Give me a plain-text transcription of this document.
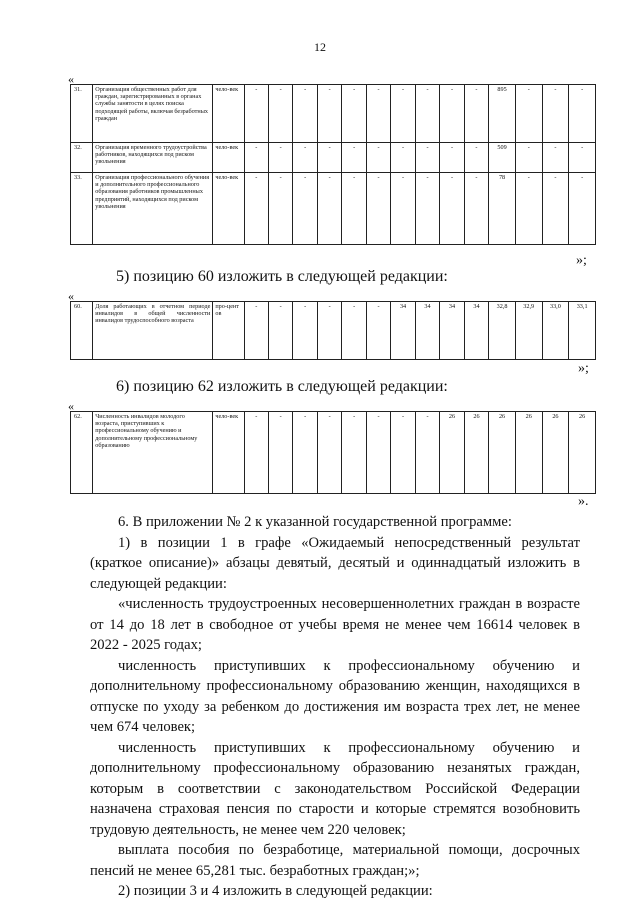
12
«
31.	Организация общественных работ для граждан, зарегистрированных в органах службы занятости в целях поиска подходящей работы, включая безработных граждан	чело-век	-	-	-	-	-	-	-	-	-	-	895	-	-	-
32.	Организация временного трудоустройства работников, находящихся под риском увольнения	чело-век	-	-	-	-	-	-	-	-	-	-	509	-	-	-
33.	Организация профессионального обучения и дополнительного профессионального образования работников промышленных предприятий, находящихся под риском увольнения	чело-век	-	-	-	-	-	-	-	-	-	-	78	-	-	-
»;
5) позицию 60 изложить в следующей редакции:
«
60.	Доля работающих в отчетном периоде инвалидов в общей численности инвалидов трудоспособного возраста	про-цент ов	-	-	-	-	-	-	34	34	34	34	32,8	32,9	33,0	33,1
»;
6) позицию 62 изложить в следующей редакции:
«
62.	Численность инвалидов молодого возраста, приступивших к профессиональному обучению и дополнительному профессиональному образованию	чело-век	-	-	-	-	-	-	-	-	26	26	26	26	26	26
».

6. В приложении № 2 к указанной государственной программе:

1) в позиции 1 в графе «Ожидаемый непосредственный результат (краткое описание)» абзацы девятый, десятый и одиннадцатый изложить в следующей редакции:

«численность трудоустроенных несовершеннолетних граждан в возрасте от 14 до 18 лет в свободное от учебы время не менее чем 16614 человек в 2022 - 2025 годах;

численность приступивших к профессиональному обучению и дополнительному профессиональному образованию женщин, находящихся в отпуске по уходу за ребенком до достижения им возраста трех лет, не менее чем 674 человек;

численность приступивших к профессиональному обучению и дополнительному профессиональному образованию незанятых граждан, которым в соответствии с законодательством Российской Федерации назначена страховая пенсия по старости и которые стремятся возобновить трудовую деятельность, не менее чем 220 человек;

выплата пособия по безработице, материальной помощи, досрочных пенсий не менее 65,281 тыс. безработных граждан;»;

2) позиции 3 и 4 изложить в следующей редакции:
